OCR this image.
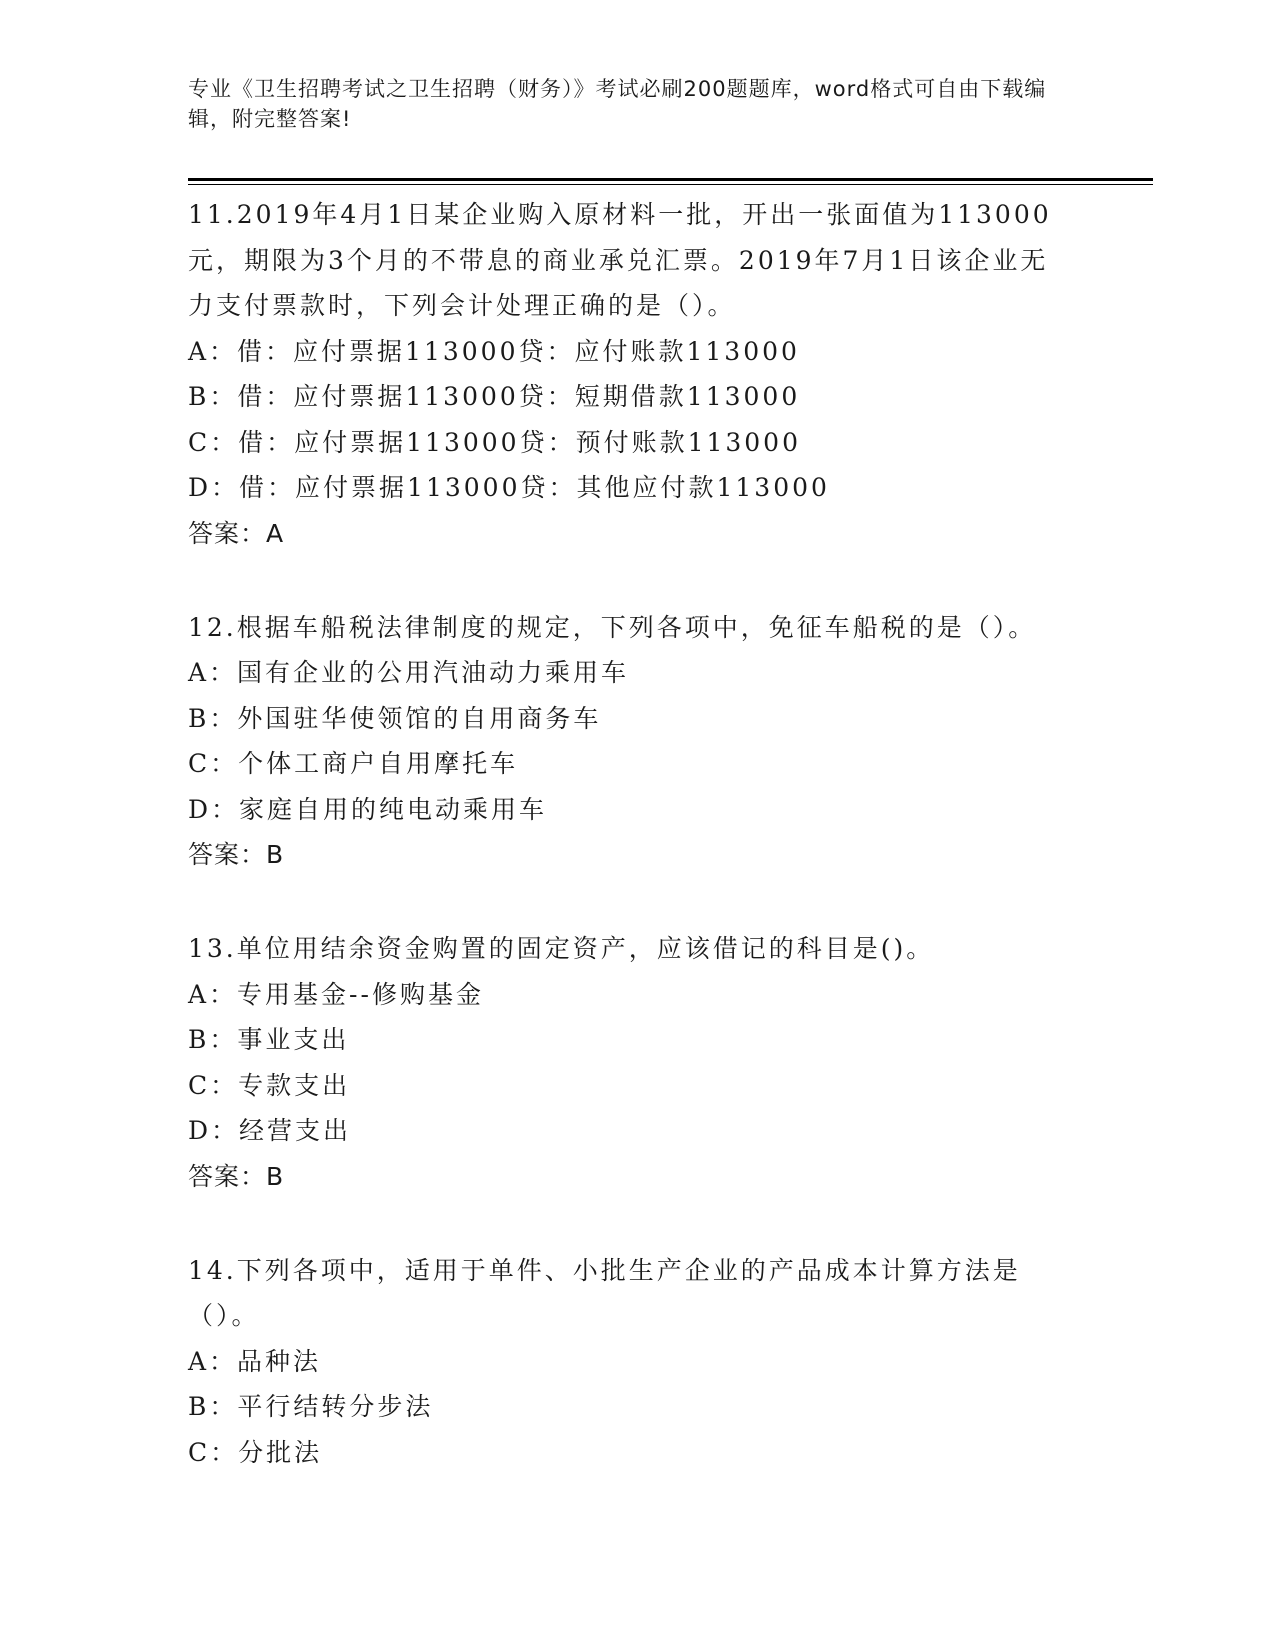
专业《卫生招聘考试之卫生招聘（财务）》考试必刷200题题库，word格式可自由下载编辑，附完整答案!
11.2019年4月1日某企业购入原材料一批，开出一张面值为113000元，期限为3个月的不带息的商业承兑汇票。2019年7月1日该企业无力支付票款时，下列会计处理正确的是（）。
A：借：应付票据113000贷：应付账款113000
B：借：应付票据113000贷：短期借款113000
C：借：应付票据113000贷：预付账款113000
D：借：应付票据113000贷：其他应付款113000
答案：A
12.根据车船税法律制度的规定，下列各项中，免征车船税的是（）。
A：国有企业的公用汽油动力乘用车
B：外国驻华使领馆的自用商务车
C：个体工商户自用摩托车
D：家庭自用的纯电动乘用车
答案：B
13.单位用结余资金购置的固定资产，应该借记的科目是()。
A：专用基金--修购基金
B：事业支出
C：专款支出
D：经营支出
答案：B
14.下列各项中，适用于单件、小批生产企业的产品成本计算方法是（）。
A：品种法
B：平行结转分步法
C：分批法
